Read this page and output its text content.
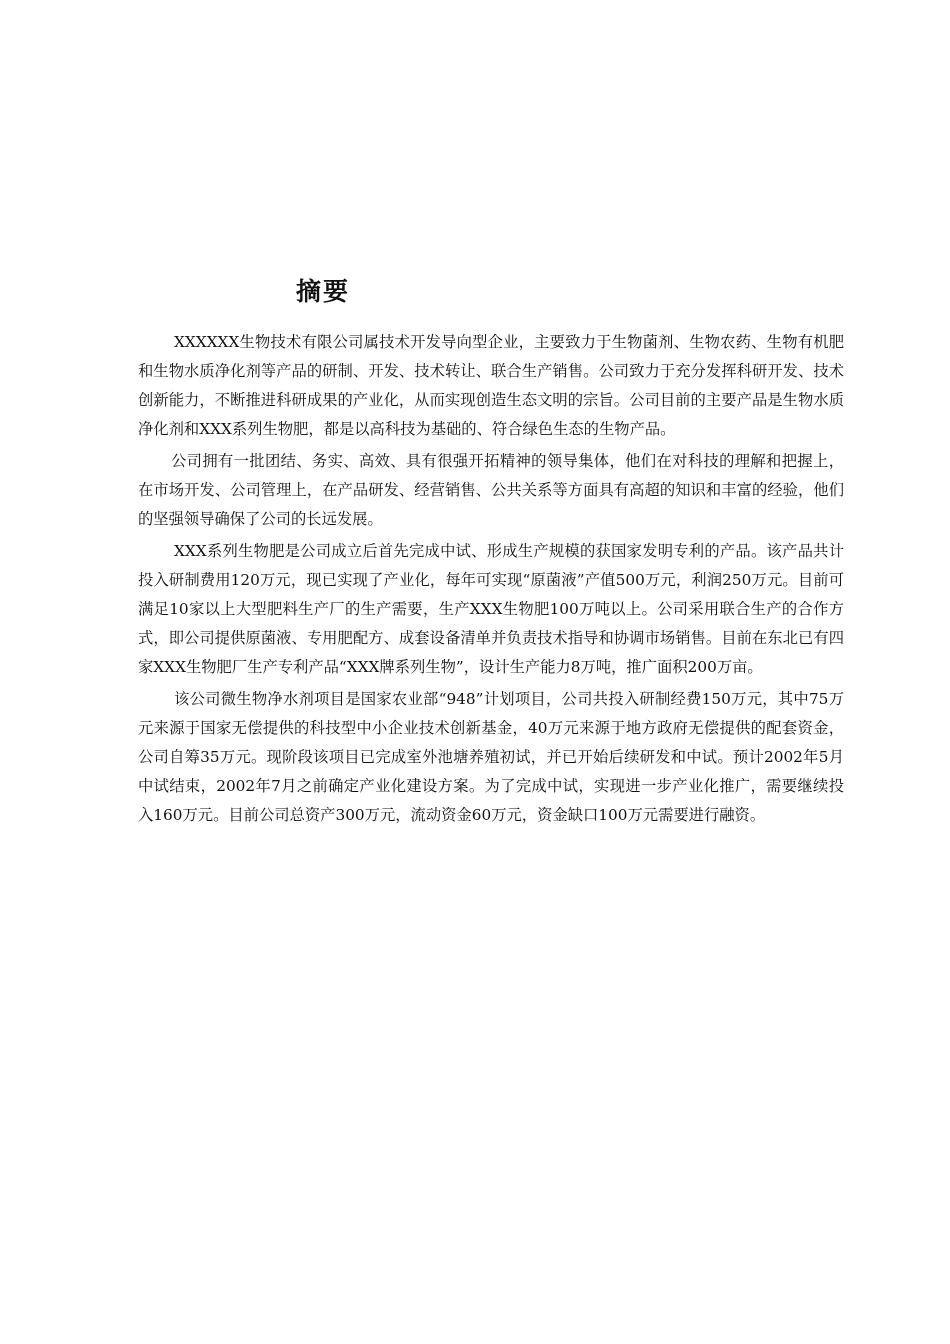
摘要

XXXXXX生物技术有限公司属技术开发导向型企业，主要致力于生物菌剂、生物农药、生物有机肥和生物水质净化剂等产品的研制、开发、技术转让、联合生产销售。公司致力于充分发挥科研开发、技术创新能力，不断推进科研成果的产业化，从而实现创造生态文明的宗旨。公司目前的主要产品是生物水质净化剂和XXX系列生物肥，都是以高科技为基础的、符合绿色生态的生物产品。

公司拥有一批团结、务实、高效、具有很强开拓精神的领导集体，他们在对科技的理解和把握上，在市场开发、公司管理上，在产品研发、经营销售、公共关系等方面具有高超的知识和丰富的经验，他们的坚强领导确保了公司的长远发展。

XXX系列生物肥是公司成立后首先完成中试、形成生产规模的获国家发明专利的产品。该产品共计投入研制费用120万元，现已实现了产业化，每年可实现“原菌液”产值500万元，利润250万元。目前可满足10家以上大型肥料生产厂的生产需要，生产XXX生物肥100万吨以上。公司采用联合生产的合作方式，即公司提供原菌液、专用肥配方、成套设备清单并负责技术指导和协调市场销售。目前在东北已有四家XXX生物肥厂生产专利产品“XXX牌系列生物”，设计生产能力8万吨，推广面积200万亩。

该公司微生物净水剂项目是国家农业部“948”计划项目，公司共投入研制经费150万元，其中75万元来源于国家无偿提供的科技型中小企业技术创新基金，40万元来源于地方政府无偿提供的配套资金，公司自筹35万元。现阶段该项目已完成室外池塘养殖初试，并已开始后续研发和中试。预计2002年5月中试结束，2002年7月之前确定产业化建设方案。为了完成中试，实现进一步产业化推广，需要继续投入160万元。目前公司总资产300万元，流动资金60万元，资金缺口100万元需要进行融资。
